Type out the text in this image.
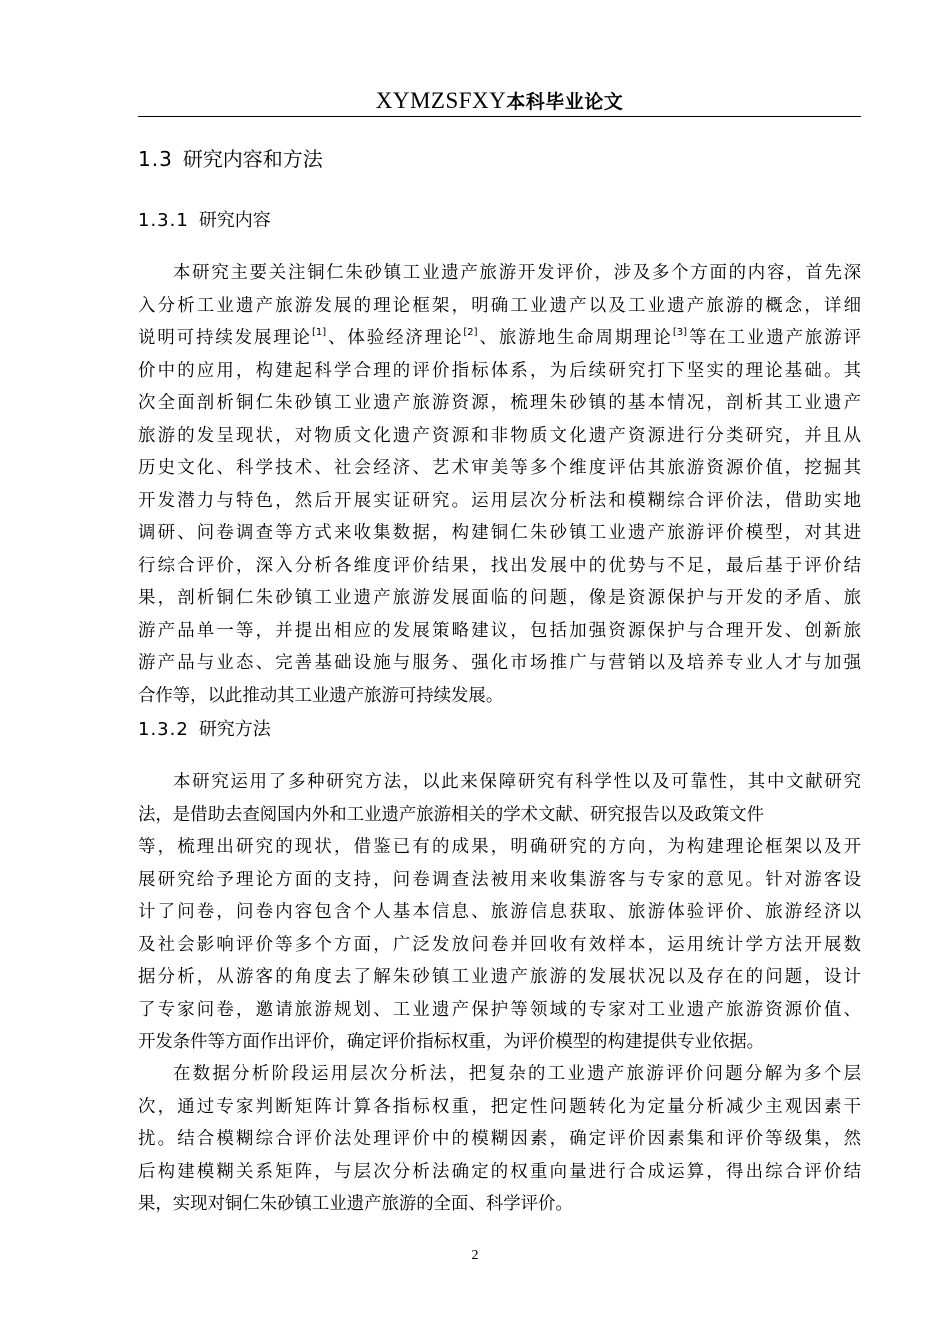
XYMZSFXY本科毕业论文
1.3 研究内容和方法
1.3.1 研究内容
本研究主要关注铜仁朱砂镇工业遗产旅游开发评价，涉及多个方面的内容，首先深
入分析工业遗产旅游发展的理论框架，明确工业遗产以及工业遗产旅游的概念，详细
说明可持续发展理论[1]、体验经济理论[2]、旅游地生命周期理论[3]等在工业遗产旅游评
价中的应用，构建起科学合理的评价指标体系，为后续研究打下坚实的理论基础。其
次全面剖析铜仁朱砂镇工业遗产旅游资源，梳理朱砂镇的基本情况，剖析其工业遗产
旅游的发呈现状，对物质文化遗产资源和非物质文化遗产资源进行分类研究，并且从
历史文化、科学技术、社会经济、艺术审美等多个维度评估其旅游资源价值，挖掘其
开发潜力与特色，然后开展实证研究。运用层次分析法和模糊综合评价法，借助实地
调研、问卷调查等方式来收集数据，构建铜仁朱砂镇工业遗产旅游评价模型，对其进
行综合评价，深入分析各维度评价结果，找出发展中的优势与不足，最后基于评价结
果，剖析铜仁朱砂镇工业遗产旅游发展面临的问题，像是资源保护与开发的矛盾、旅
游产品单一等，并提出相应的发展策略建议，包括加强资源保护与合理开发、创新旅
游产品与业态、完善基础设施与服务、强化市场推广与营销以及培养专业人才与加强
合作等，以此推动其工业遗产旅游可持续发展。
1.3.2 研究方法
本研究运用了多种研究方法，以此来保障研究有科学性以及可靠性，其中文献研究
法，是借助去查阅国内外和工业遗产旅游相关的学术文献、研究报告以及政策文件
等，梳理出研究的现状，借鉴已有的成果，明确研究的方向，为构建理论框架以及开
展研究给予理论方面的支持，问卷调查法被用来收集游客与专家的意见。针对游客设
计了问卷，问卷内容包含个人基本信息、旅游信息获取、旅游体验评价、旅游经济以
及社会影响评价等多个方面，广泛发放问卷并回收有效样本，运用统计学方法开展数
据分析，从游客的角度去了解朱砂镇工业遗产旅游的发展状况以及存在的问题，设计
了专家问卷，邀请旅游规划、工业遗产保护等领域的专家对工业遗产旅游资源价值、
开发条件等方面作出评价，确定评价指标权重，为评价模型的构建提供专业依据。
在数据分析阶段运用层次分析法，把复杂的工业遗产旅游评价问题分解为多个层
次，通过专家判断矩阵计算各指标权重，把定性问题转化为定量分析减少主观因素干
扰。结合模糊综合评价法处理评价中的模糊因素，确定评价因素集和评价等级集，然
后构建模糊关系矩阵，与层次分析法确定的权重向量进行合成运算，得出综合评价结
果，实现对铜仁朱砂镇工业遗产旅游的全面、科学评价。
2
